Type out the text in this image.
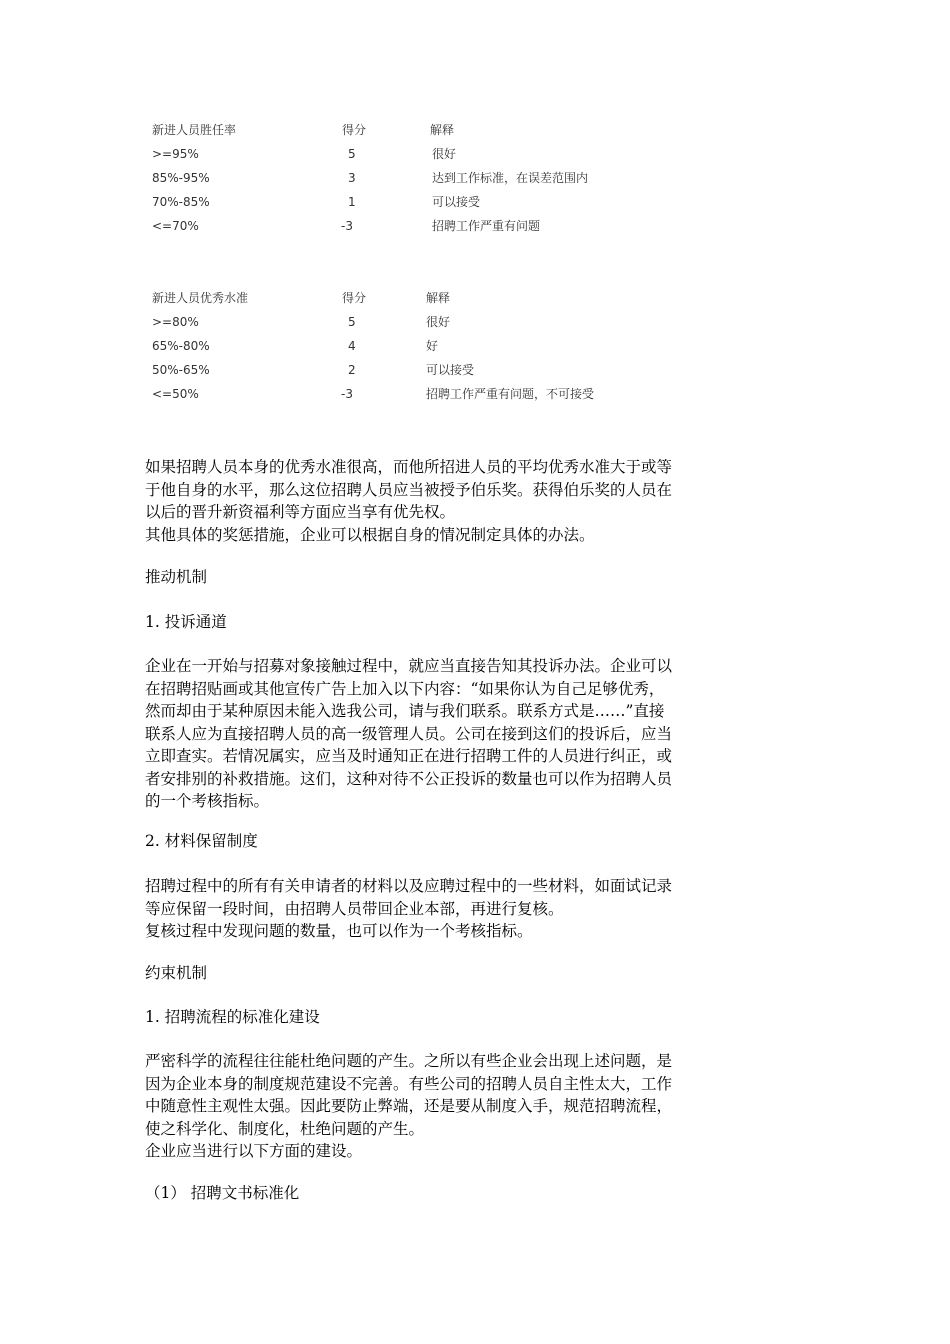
新进人员胜任率	得分	解释
>=95%	5	很好
85%-95%	3	达到工作标准，在误差范围内
70%-85%	1	可以接受
<=70%	-3	招聘工作严重有问题
新进人员优秀水准	得分	解释
>=80%	5	很好
65%-80%	4	好
50%-65%	2	可以接受
<=50%	-3	招聘工作严重有问题，不可接受

如果招聘人员本身的优秀水准很高，而他所招进人员的平均优秀水准大于或等

于他自身的水平，那么这位招聘人员应当被授予伯乐奖。获得伯乐奖的人员在

以后的晋升新资福利等方面应当享有优先权。

其他具体的奖惩措施，企业可以根据自身的情况制定具体的办法。

推动机制

1. 投诉通道

企业在一开始与招募对象接触过程中，就应当直接告知其投诉办法。企业可以

在招聘招贴画或其他宣传广告上加入以下内容：“如果你认为自己足够优秀，

然而却由于某种原因未能入选我公司，请与我们联系。联系方式是……”直接

联系人应为直接招聘人员的高一级管理人员。公司在接到这们的投诉后，应当

立即查实。若情况属实，应当及时通知正在进行招聘工件的人员进行纠正，或

者安排别的补救措施。这们，这种对待不公正投诉的数量也可以作为招聘人员

的一个考核指标。

2. 材料保留制度

招聘过程中的所有有关申请者的材料以及应聘过程中的一些材料，如面试记录

等应保留一段时间，由招聘人员带回企业本部，再进行复核。

复核过程中发现问题的数量，也可以作为一个考核指标。

约束机制

1. 招聘流程的标准化建设

严密科学的流程往往能杜绝问题的产生。之所以有些企业会出现上述问题，是

因为企业本身的制度规范建设不完善。有些公司的招聘人员自主性太大，工作

中随意性主观性太强。因此要防止弊端，还是要从制度入手，规范招聘流程，

使之科学化、制度化，杜绝问题的产生。

企业应当进行以下方面的建设。

（1） 招聘文书标准化
